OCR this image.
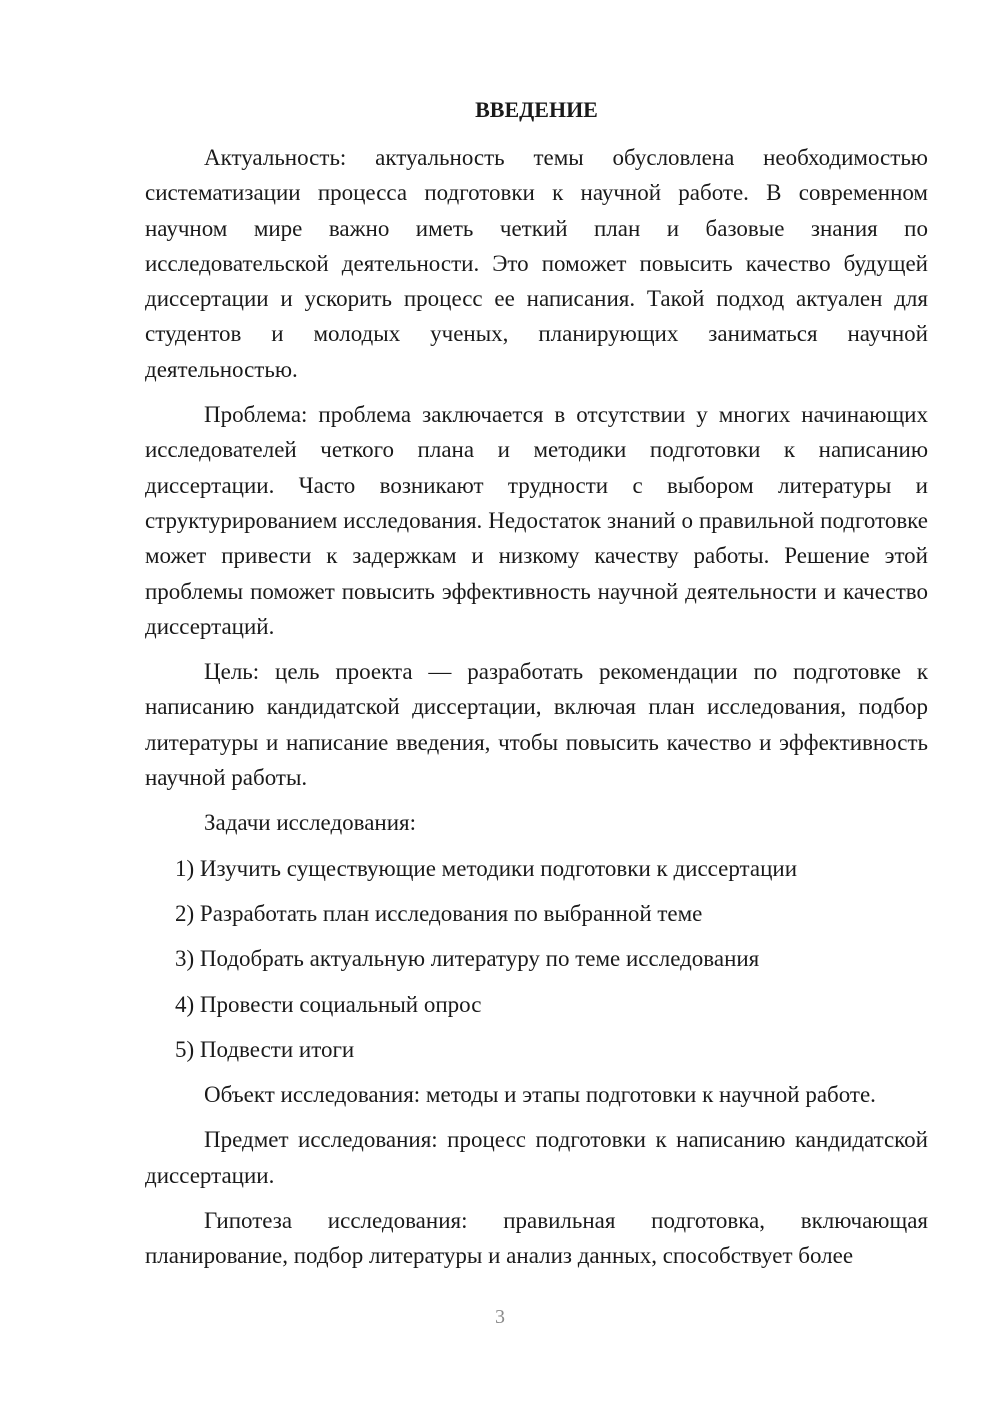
ВВЕДЕНИЕ

Актуальность: актуальность темы обусловлена необходимостью систематизации процесса подготовки к научной работе. В современном научном мире важно иметь четкий план и базовые знания по исследовательской деятельности. Это поможет повысить качество будущей диссертации и ускорить процесс ее написания. Такой подход актуален для студентов и молодых ученых, планирующих заниматься научной деятельностью.

Проблема: проблема заключается в отсутствии у многих начинающих исследователей четкого плана и методики подготовки к написанию диссертации. Часто возникают трудности с выбором литературы и структурированием исследования. Недостаток знаний о правильной подготовке может привести к задержкам и низкому качеству работы. Решение этой проблемы поможет повысить эффективность научной деятельности и качество диссертаций.

Цель: цель проекта — разработать рекомендации по подготовке к написанию кандидатской диссертации, включая план исследования, подбор литературы и написание введения, чтобы повысить качество и эффективность научной работы.

Задачи исследования:

1) Изучить существующие методики подготовки к диссертации
2) Разработать план исследования по выбранной теме
3) Подобрать актуальную литературу по теме исследования
4) Провести социальный опрос
5) Подвести итоги

Объект исследования: методы и этапы подготовки к научной работе.

Предмет исследования: процесс подготовки к написанию кандидатской диссертации.

Гипотеза исследования: правильная подготовка, включающая планирование, подбор литературы и анализ данных, способствует более

3
